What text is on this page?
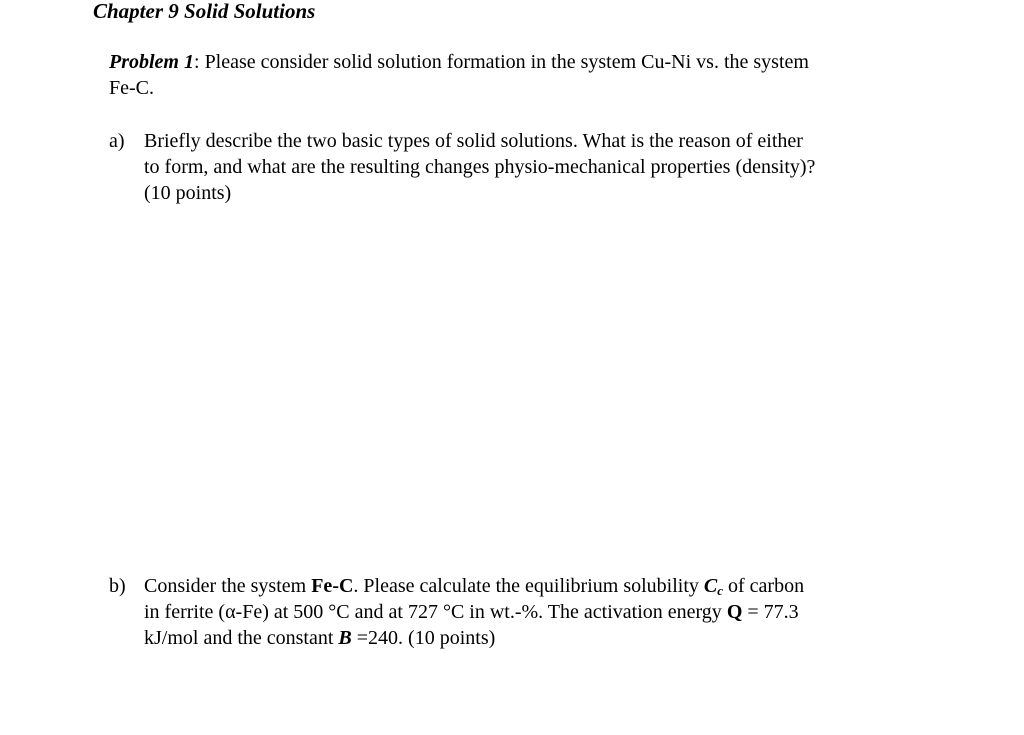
Chapter 9 Solid Solutions
Problem 1: Please consider solid solution formation in the system Cu-Ni vs. the system
Fe-C.
a) Briefly describe the two basic types of solid solutions. What is the reason of either
to form, and what are the resulting changes physio-mechanical properties (density)?
(10 points)
b) Consider the system Fe-C. Please calculate the equilibrium solubility $C_c$ of carbon
in ferrite (α-Fe) at 500 °C and at 727 °C in wt.-%. The activation energy Q = 77.3
kJ/mol and the constant B =240. (10 points)
